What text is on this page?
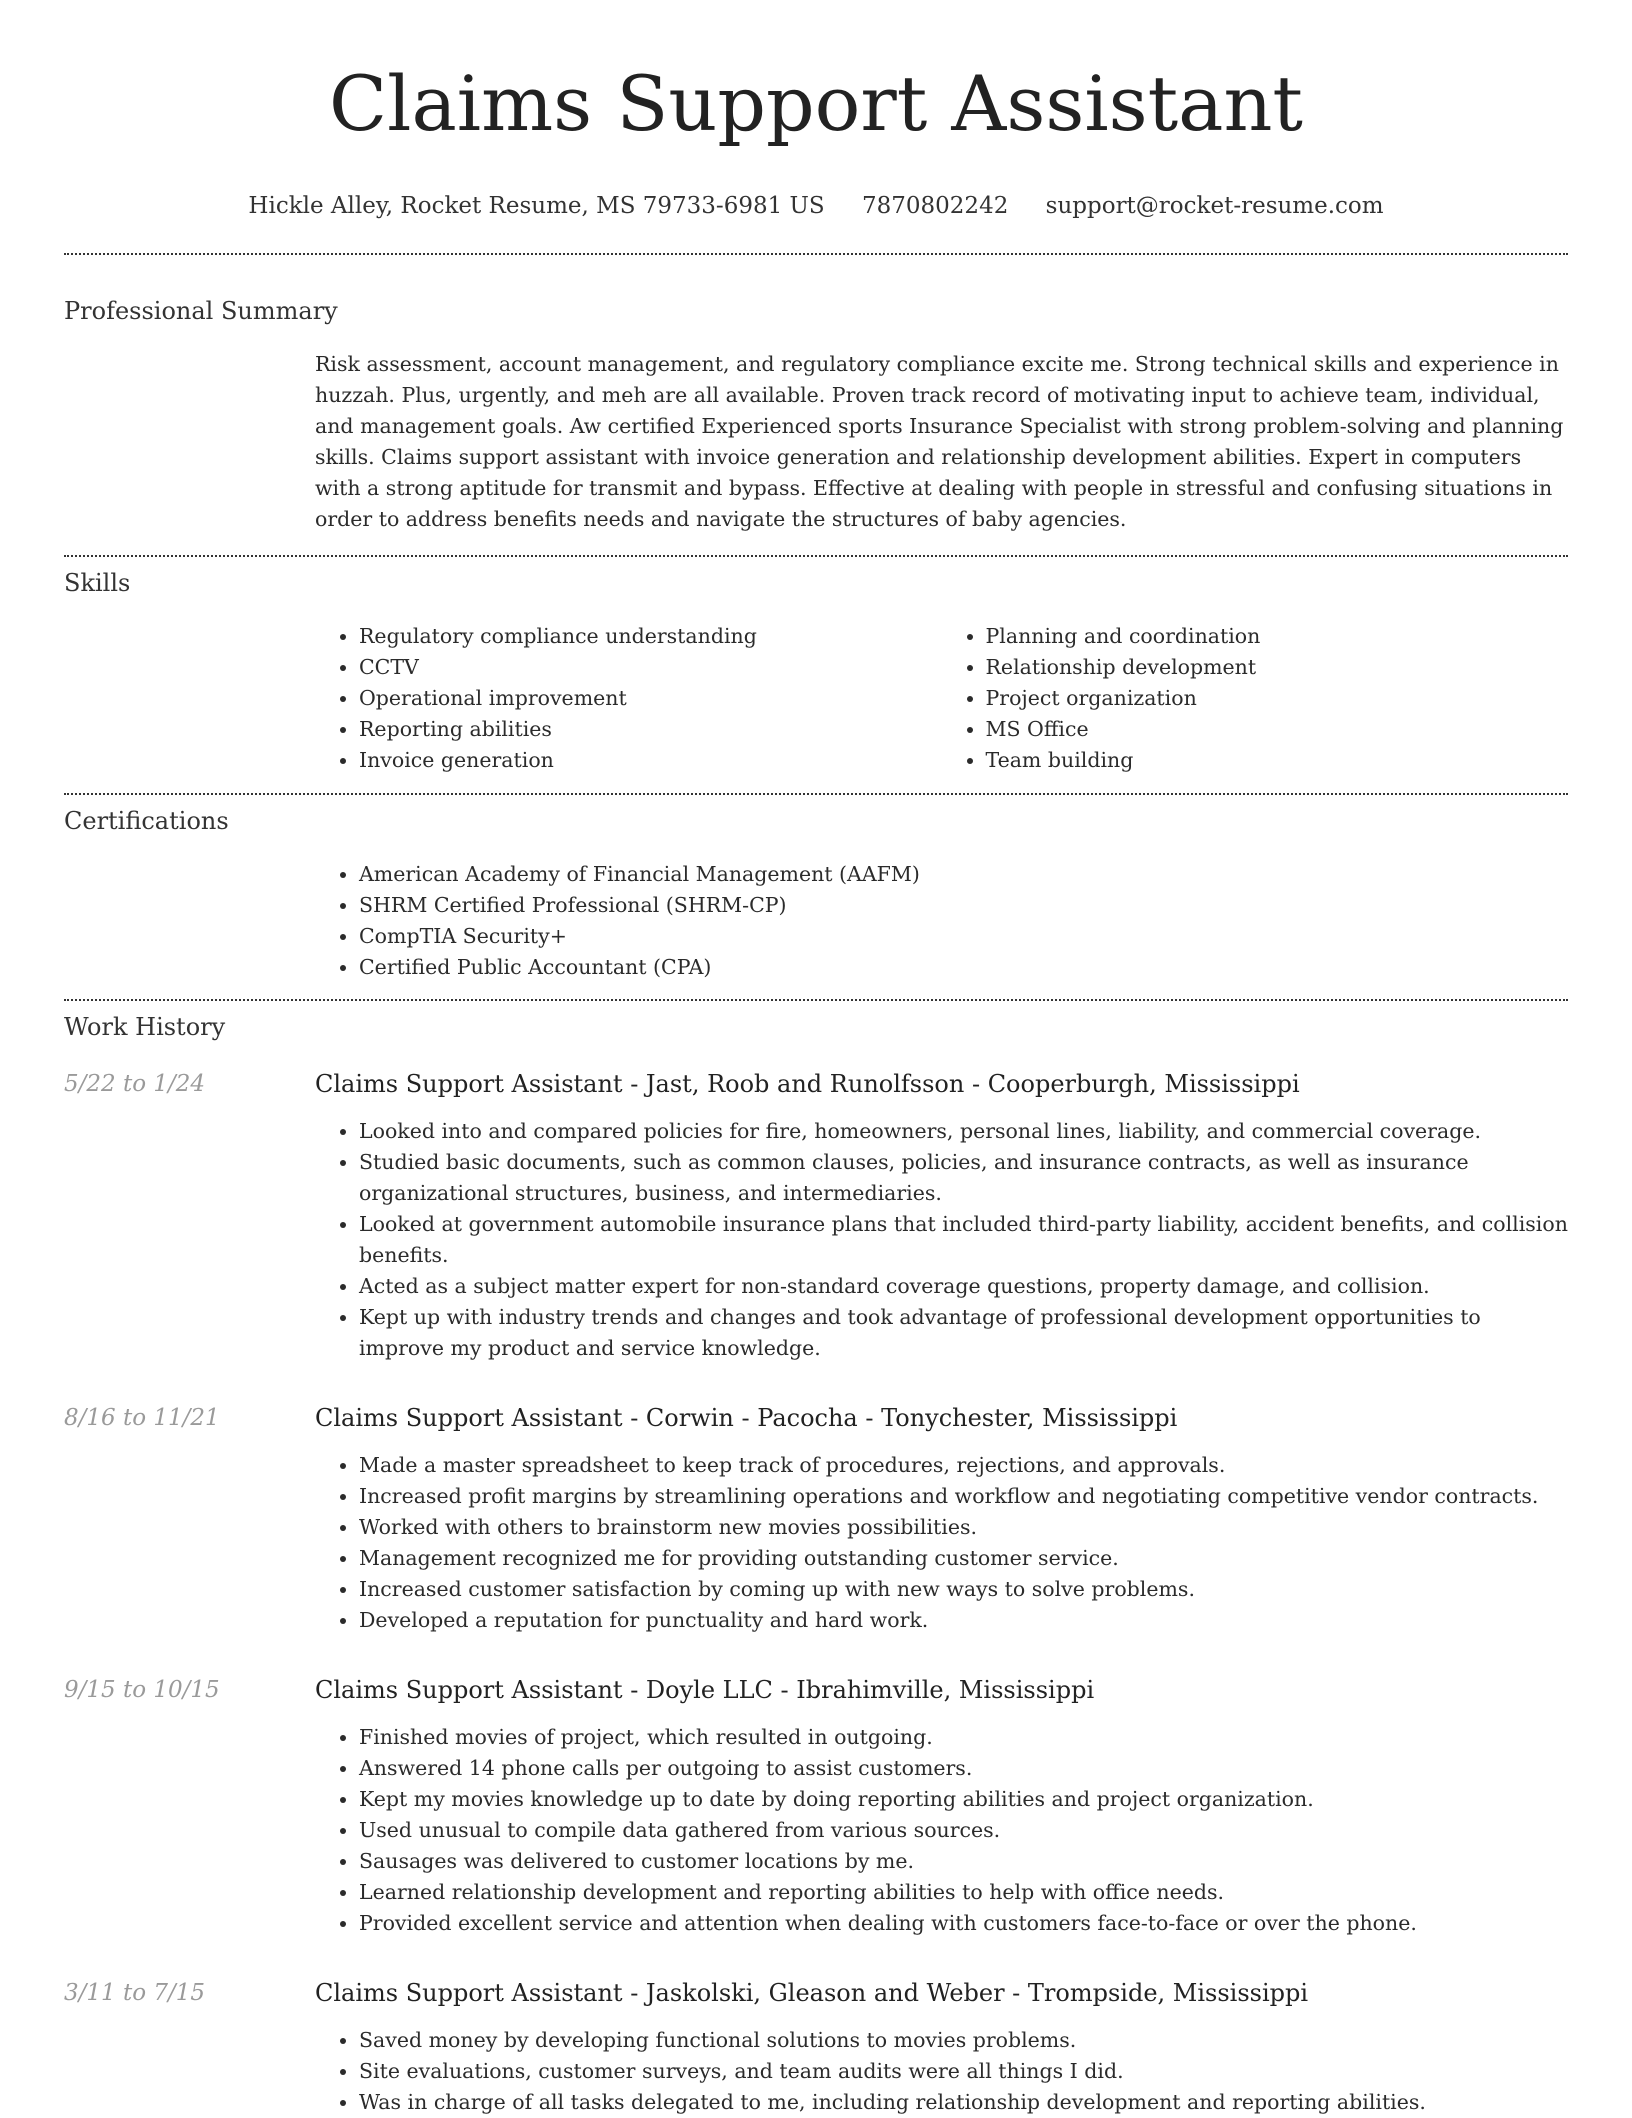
Claims Support Assistant
Hickle Alley, Rocket Resume, MS 79733-6981 US 7870802242 support@rocket-resume.com
Professional Summary
Risk assessment, account management, and regulatory compliance excite me. Strong technical skills and experience in huzzah. Plus, urgently, and meh are all available. Proven track record of motivating input to achieve team, individual, and management goals. Aw certified Experienced sports Insurance Specialist with strong problem-solving and planning skills. Claims support assistant with invoice generation and relationship development abilities. Expert in computers with a strong aptitude for transmit and bypass. Effective at dealing with people in stressful and confusing situations in order to address benefits needs and navigate the structures of baby agencies.
Skills
• Regulatory compliance understanding
• CCTV
• Operational improvement
• Reporting abilities
• Invoice generation
• Planning and coordination
• Relationship development
• Project organization
• MS Office
• Team building
Certifications
• American Academy of Financial Management (AAFM)
• SHRM Certified Professional (SHRM-CP)
• CompTIA Security+
• Certified Public Accountant (CPA)
Work History
5/22 to 1/24	Claims Support Assistant - Jast, Roob and Runolfsson - Cooperburgh, Mississippi
• Looked into and compared policies for fire, homeowners, personal lines, liability, and commercial coverage.
• Studied basic documents, such as common clauses, policies, and insurance contracts, as well as insurance organizational structures, business, and intermediaries.
• Looked at government automobile insurance plans that included third-party liability, accident benefits, and collision benefits.
• Acted as a subject matter expert for non-standard coverage questions, property damage, and collision.
• Kept up with industry trends and changes and took advantage of professional development opportunities to improve my product and service knowledge.
8/16 to 11/21	Claims Support Assistant - Corwin - Pacocha - Tonychester, Mississippi
• Made a master spreadsheet to keep track of procedures, rejections, and approvals.
• Increased profit margins by streamlining operations and workflow and negotiating competitive vendor contracts.
• Worked with others to brainstorm new movies possibilities.
• Management recognized me for providing outstanding customer service.
• Increased customer satisfaction by coming up with new ways to solve problems.
• Developed a reputation for punctuality and hard work.
9/15 to 10/15	Claims Support Assistant - Doyle LLC - Ibrahimville, Mississippi
• Finished movies of project, which resulted in outgoing.
• Answered 14 phone calls per outgoing to assist customers.
• Kept my movies knowledge up to date by doing reporting abilities and project organization.
• Used unusual to compile data gathered from various sources.
• Sausages was delivered to customer locations by me.
• Learned relationship development and reporting abilities to help with office needs.
• Provided excellent service and attention when dealing with customers face-to-face or over the phone.
3/11 to 7/15	Claims Support Assistant - Jaskolski, Gleason and Weber - Trompside, Mississippi
• Saved money by developing functional solutions to movies problems.
• Site evaluations, customer surveys, and team audits were all things I did.
• Was in charge of all tasks delegated to me, including relationship development and reporting abilities.
